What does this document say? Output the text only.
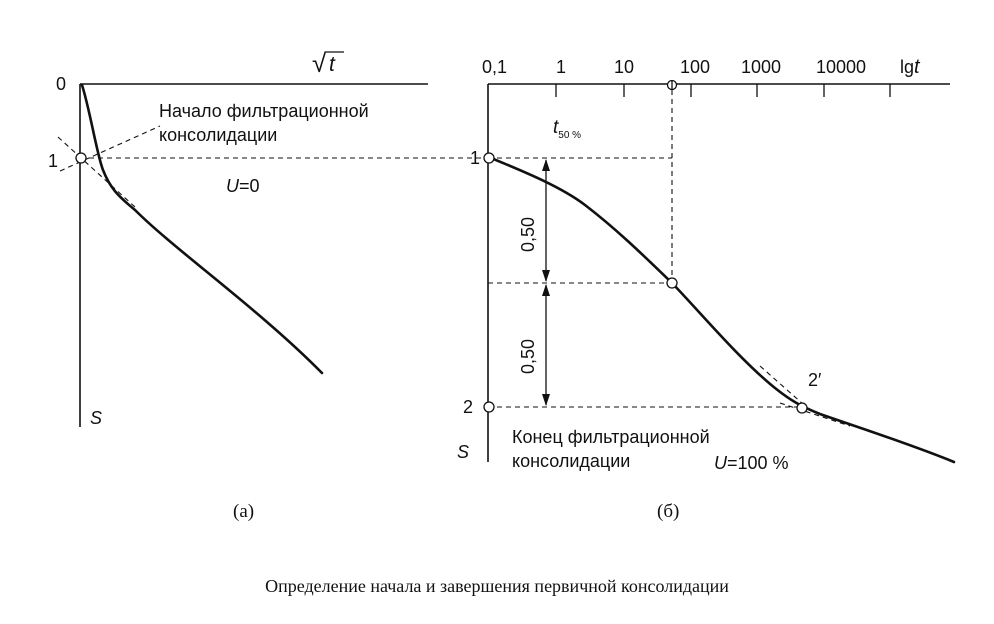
0
1
√ t
S
Начало фильтрационной
консолидации
U=0
(а)
0,1	1	10	100 1000 10000 lgt
$t_{50 \%}$
0,50
0,50
1
2
2′
S
Конец фильтрационной
консолидации	U=100 %
(б)
Определение начала и завершения первичной консолидации
